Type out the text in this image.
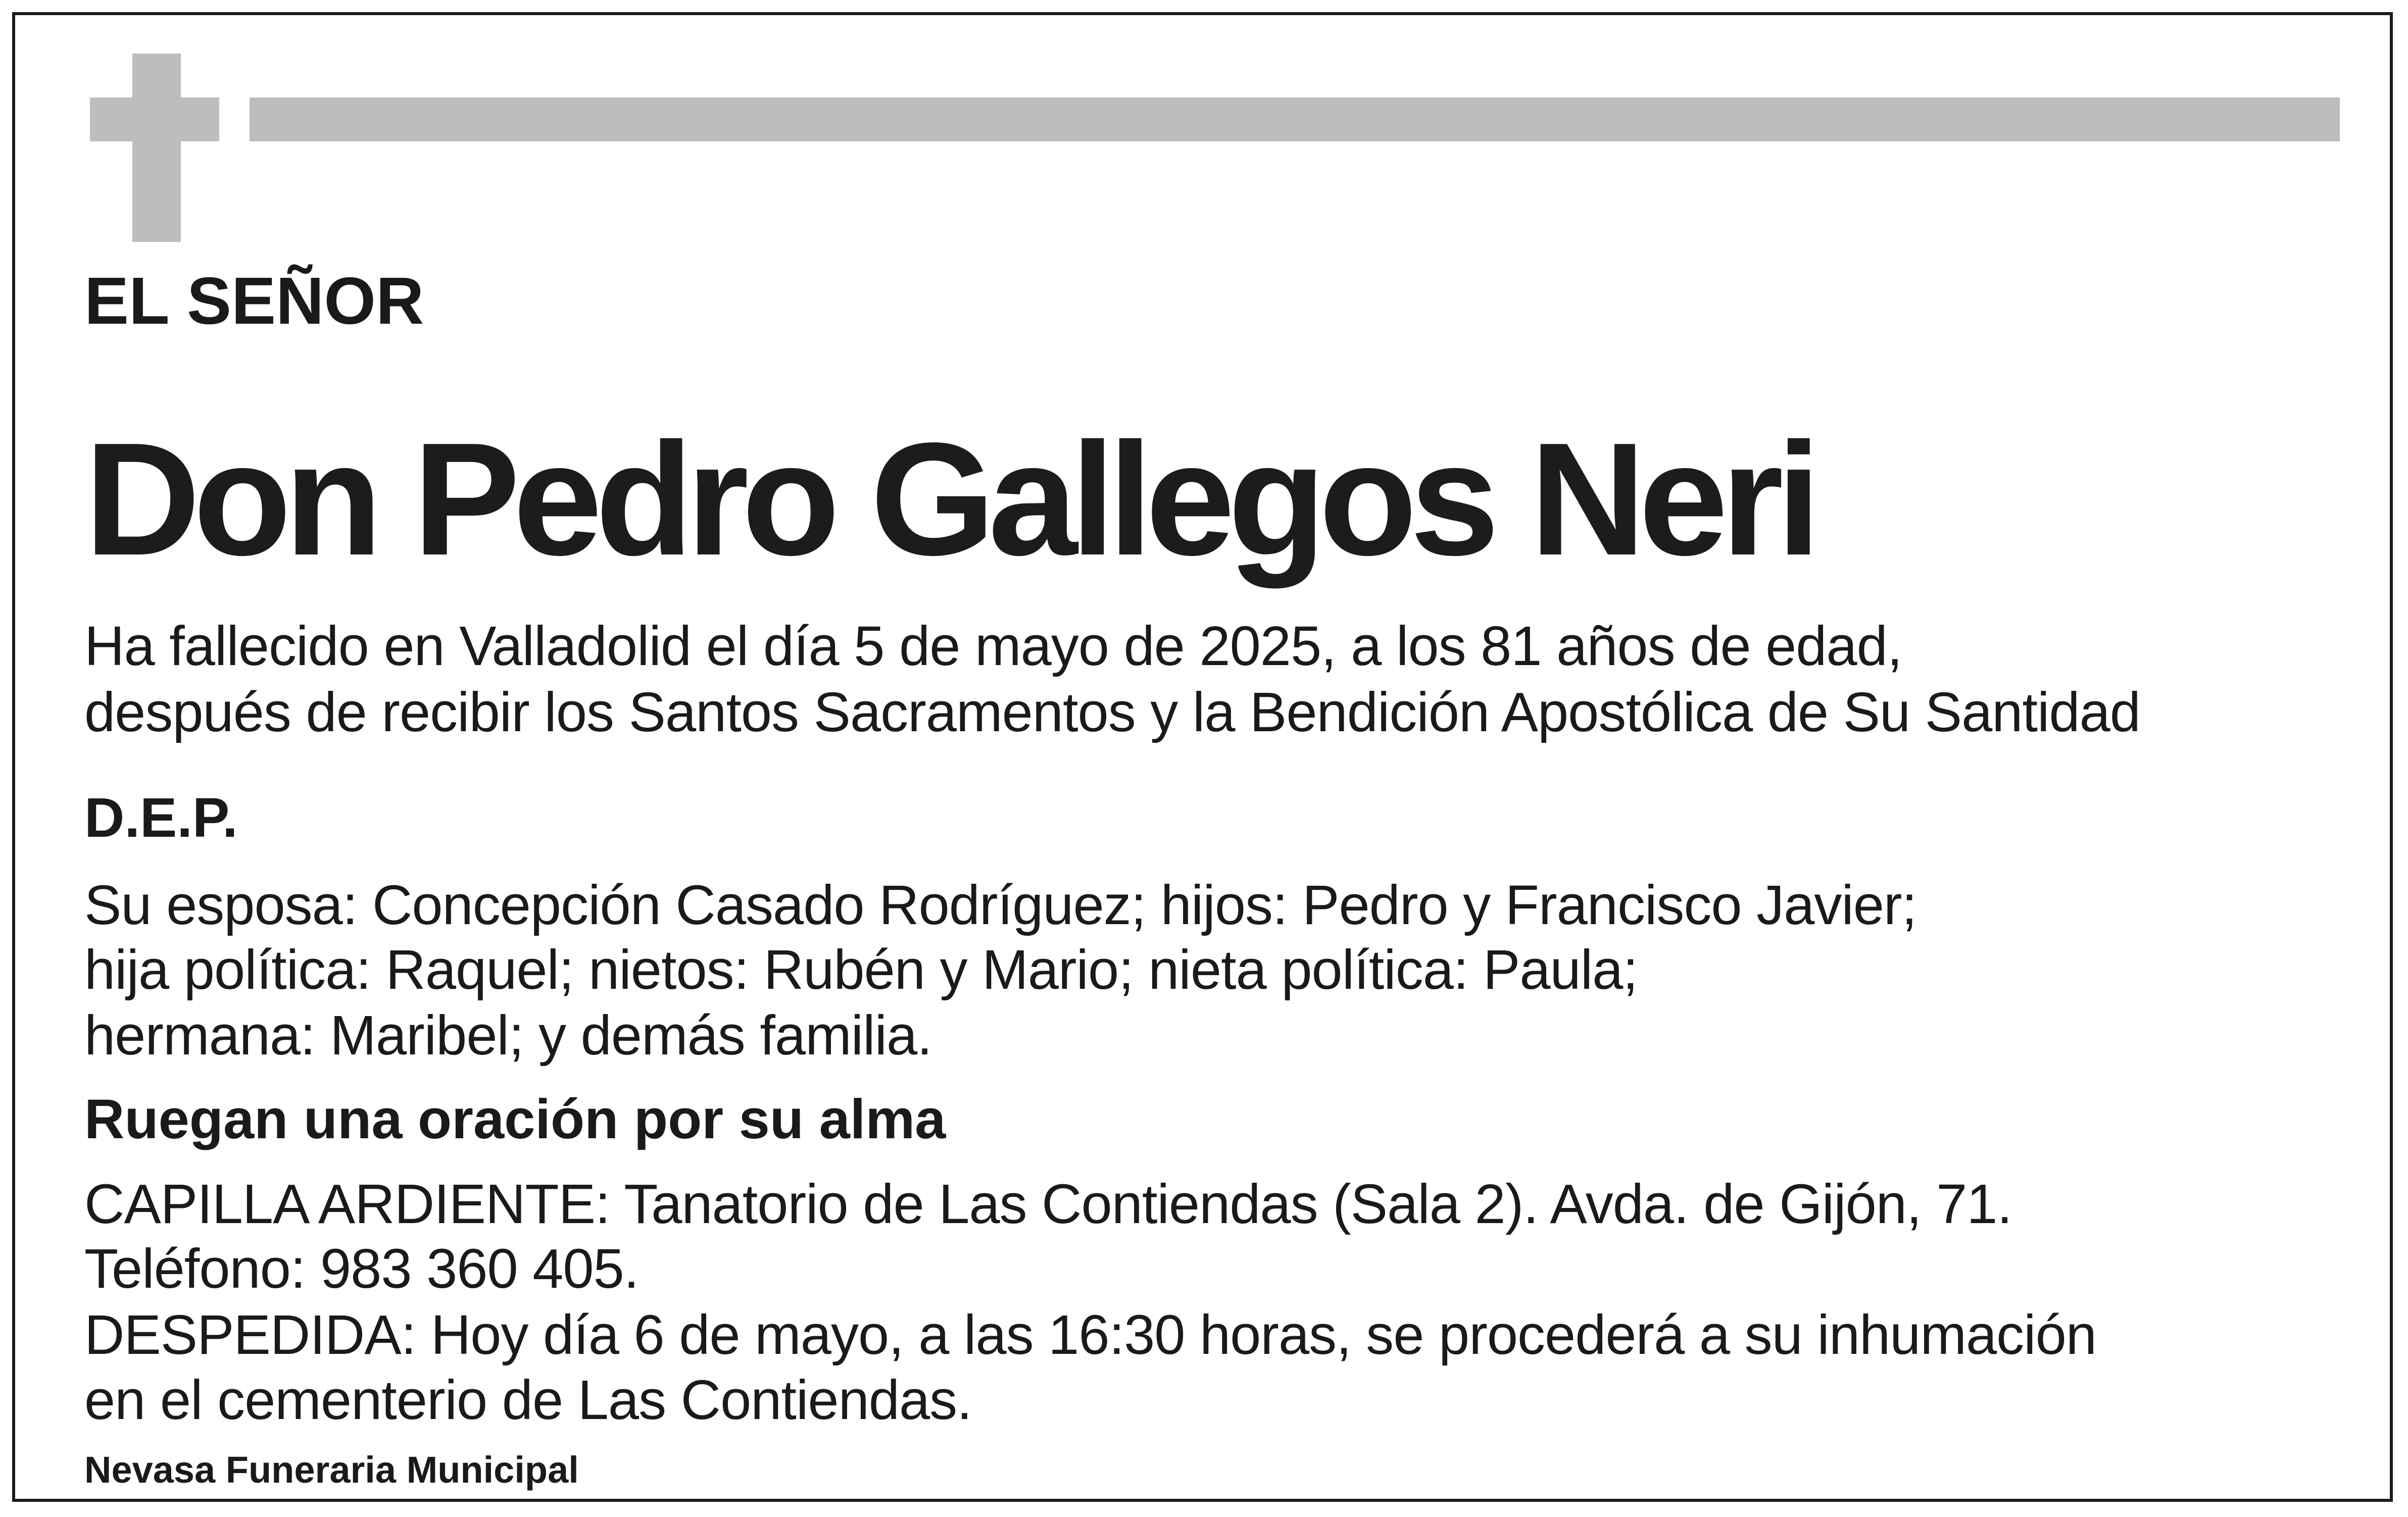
EL SEÑOR

Don Pedro Gallegos Neri

Ha fallecido en Valladolid el día 5 de mayo de 2025, a los 81 años de edad,

después de recibir los Santos Sacramentos y la Bendición Apostólica de Su Santidad

D.E.P.

Su esposa: Concepción Casado Rodríguez; hijos: Pedro y Francisco Javier;

hija política: Raquel; nietos: Rubén y Mario; nieta política: Paula;

hermana: Maribel; y demás familia.

Ruegan una oración por su alma

CAPILLA ARDIENTE: Tanatorio de Las Contiendas (Sala 2). Avda. de Gijón, 71.

Teléfono: 983 360 405.

DESPEDIDA: Hoy día 6 de mayo, a las 16:30 horas, se procederá a su inhumación

en el cementerio de Las Contiendas.

Nevasa Funeraria Municipal
